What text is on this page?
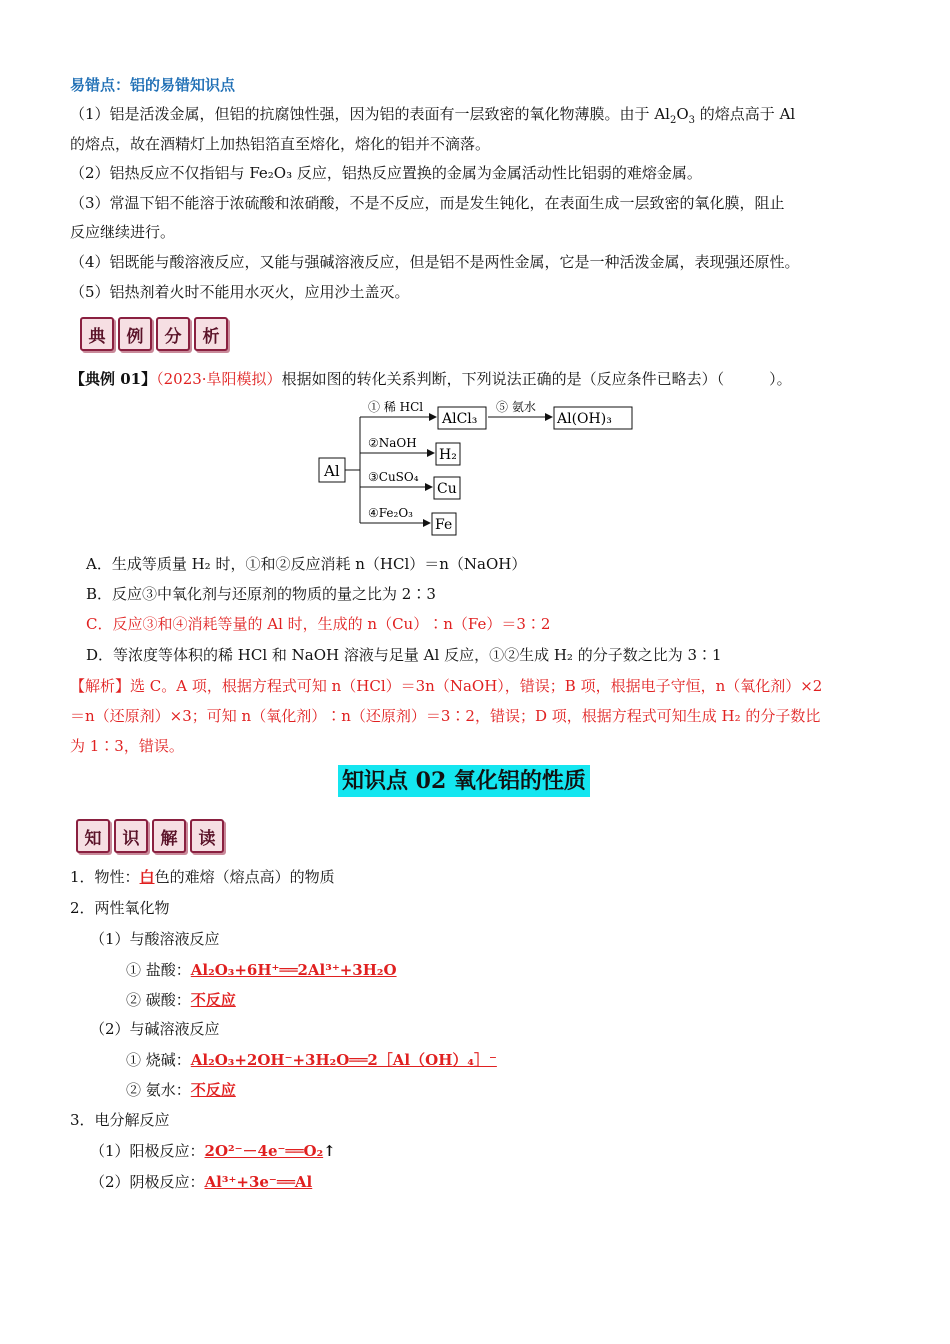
易错点：铝的易错知识点
（1）铝是活泼金属，但铝的抗腐蚀性强，因为铝的表面有一层致密的氧化物薄膜。由于 $Al_2O_3$ 的熔点高于 Al
的熔点，故在酒精灯上加热铝箔直至熔化，熔化的铝并不滴落。
（2）铝热反应不仅指铝与 Fe₂O₃ 反应，铝热反应置换的金属为金属活动性比铝弱的难熔金属。
（3）常温下铝不能溶于浓硫酸和浓硝酸，不是不反应，而是发生钝化，在表面生成一层致密的氧化膜，阻止
反应继续进行。
（4）铝既能与酸溶液反应，又能与强碱溶液反应，但是铝不是两性金属，它是一种活泼金属，表现强还原性。
（5）铝热剂着火时不能用水灭火，应用沙土盖灭。
典	例	分	析
【典例 01】（2023·阜阳模拟）根据如图的转化关系判断，下列说法正确的是（反应条件已略去）（　　　）。
Al
① 稀 HCl
AlCl₃
⑤ 氨水
Al(OH)₃
②NaOH
H₂
③CuSO₄
Cu
④Fe₂O₃
Fe
A．生成等质量 H₂ 时，①和②反应消耗 n（HCl）＝n（NaOH）
B．反应③中氧化剂与还原剂的物质的量之比为 2∶3
C．反应③和④消耗等量的 Al 时，生成的 n（Cu）∶n（Fe）＝3∶2
D．等浓度等体积的稀 HCl 和 NaOH 溶液与足量 Al 反应，①②生成 H₂ 的分子数之比为 3∶1
【解析】选 C。A 项，根据方程式可知 n（HCl）＝3n（NaOH），错误；B 项，根据电子守恒，n（氧化剂）×2
＝n（还原剂）×3；可知 n（氧化剂）∶n（还原剂）＝3∶2，错误；D 项，根据方程式可知生成 H₂ 的分子数比
为 1∶3，错误。
知识点 02 氧化铝的性质
知	识	解	读
1．物性：白色的难熔（熔点高）的物质
2．两性氧化物
（1）与酸溶液反应
① 盐酸：Al₂O₃+6H⁺══2Al³⁺+3H₂O
② 碳酸：不反应
（2）与碱溶液反应
① 烧碱：Al₂O₃+2OH⁻+3H₂O══2［Al（OH）₄］⁻
② 氨水：不反应
3．电分解反应
（1）阳极反应：2O²⁻－4e⁻══O₂↑
（2）阴极反应：Al³⁺+3e⁻══Al
